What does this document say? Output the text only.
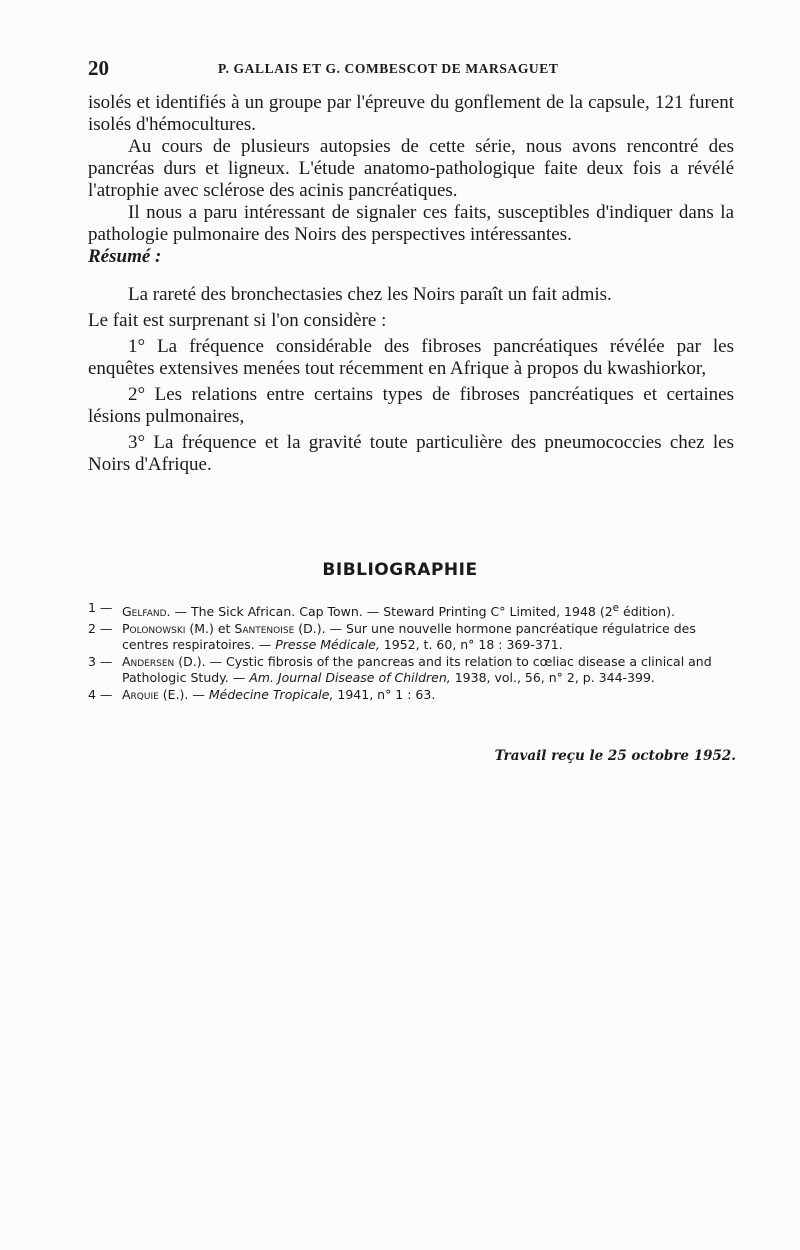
20	P. GALLAIS ET G. COMBESCOT DE MARSAGUET

isolés et identifiés à un groupe par l'épreuve du gonflement de la capsule, 121 furent isolés d'hémocultures.

Au cours de plusieurs autopsies de cette série, nous avons rencontré des pancréas durs et ligneux. L'étude anatomo-pathologique faite deux fois a révélé l'atrophie avec sclérose des acinis pancréatiques.

Il nous a paru intéressant de signaler ces faits, susceptibles d'indiquer dans la pathologie pulmonaire des Noirs des perspectives intéressantes.

Résumé :

La rareté des bronchectasies chez les Noirs paraît un fait admis.

Le fait est surprenant si l'on considère :

1° La fréquence considérable des fibroses pancréatiques révélée par les enquêtes extensives menées tout récemment en Afrique à propos du kwashiorkor,

2° Les relations entre certains types de fibroses pancréatiques et certaines lésions pulmonaires,

3° La fréquence et la gravité toute particulière des pneumococcies chez les Noirs d'Afrique.

BIBLIOGRAPHIE
1 — Gelfand. — The Sick African. Cap Town. — Steward Printing C° Limited, 1948 (2e édition).
2 — Polonowski (M.) et Santenoise (D.). — Sur une nouvelle hormone pancréatique régulatrice des centres respiratoires. — Presse Médicale, 1952, t. 60, n° 18 : 369-371.
3 — Andersen (D.). — Cystic fibrosis of the pancreas and its relation to cœliac disease a clinical and Pathologic Study. — Am. Journal Disease of Children, 1938, vol., 56, n° 2, p. 344-399.
4 — Arquie (E.). — Médecine Tropicale, 1941, n° 1 : 63.
Travail reçu le 25 octobre 1952.
